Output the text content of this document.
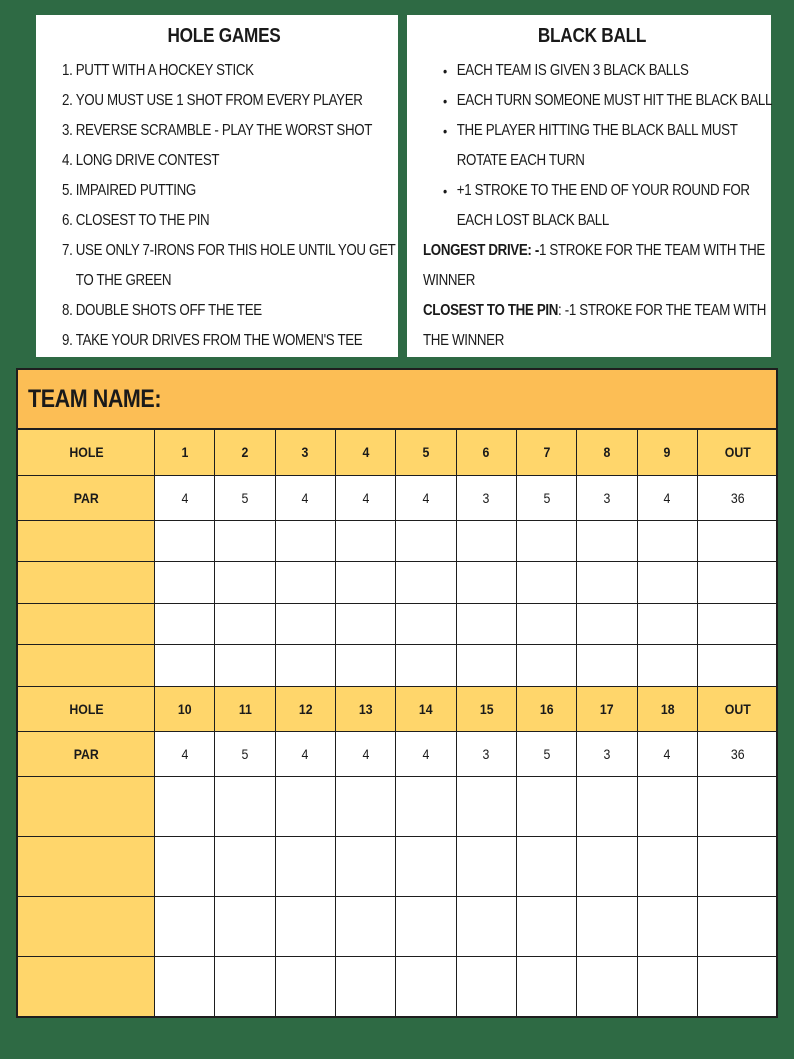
HOLE GAMES
1. PUTT WITH A HOCKEY STICK
2. YOU MUST USE 1 SHOT FROM EVERY PLAYER
3. REVERSE SCRAMBLE - PLAY THE WORST SHOT
4. LONG DRIVE CONTEST
5. IMPAIRED PUTTING
6. CLOSEST TO THE PIN
7. USE ONLY 7-IRONS FOR THIS HOLE UNTIL YOU GET
TO THE GREEN
8. DOUBLE SHOTS OFF THE TEE
9. TAKE YOUR DRIVES FROM THE WOMEN'S TEE
BLACK BALL
• EACH TEAM IS GIVEN 3 BLACK BALLS
• EACH TURN SOMEONE MUST HIT THE BLACK BALL
• THE PLAYER HITTING THE BLACK BALL MUST
ROTATE EACH TURN
• +1 STROKE TO THE END OF YOUR ROUND FOR
EACH LOST BLACK BALL
LONGEST DRIVE: -1 STROKE FOR THE TEAM WITH THE
WINNER
CLOSEST TO THE PIN: -1 STROKE FOR THE TEAM WITH
THE WINNER
TEAM NAME:
HOLE	1	2	3	4	5	6	7	8	9	OUT
PAR	4	5	4	4	4	3	5	3	4	36

HOLE	10	11	12	13	14	15	16	17	18	OUT
PAR	4	5	4	4	4	3	5	3	4	36
